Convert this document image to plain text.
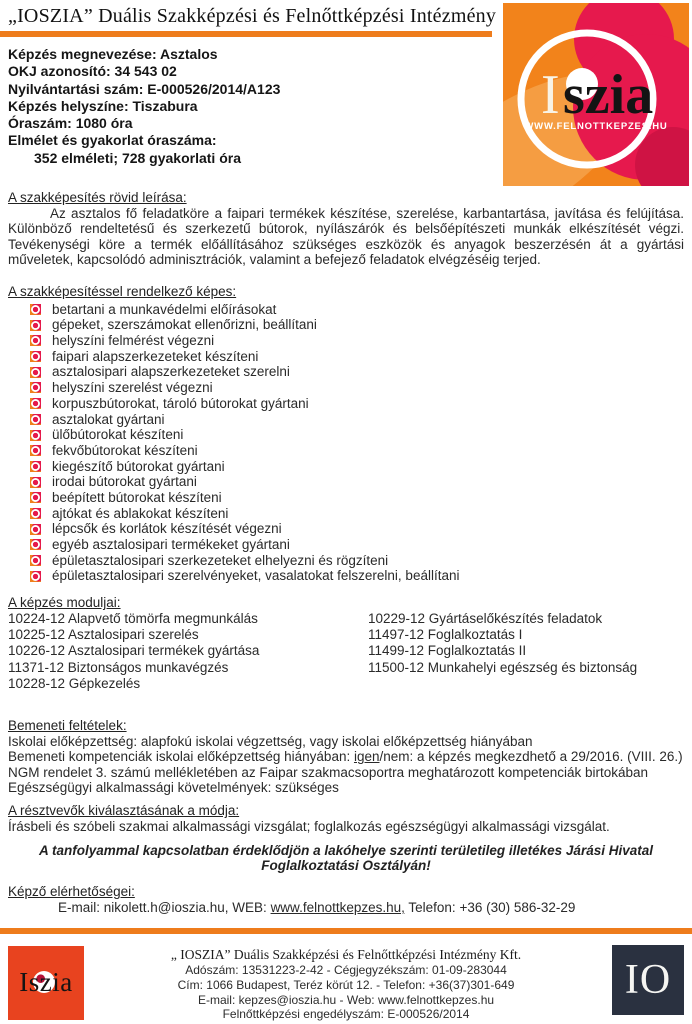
„IOSZIA” Duális Szakképzési és Felnőttképzési Intézmény
I szia
WWW.FELNOTTKEPZES.HU
Képzés megnevezése: Asztalos
OKJ azonosító: 34 543 02
Nyilvántartási szám: E-000526/2014/A123
Képzés helyszíne: Tiszabura
Óraszám: 1080 óra
Elmélet és gyakorlat óraszáma:
352 elméleti; 728 gyakorlati óra
A szakképesítés rövid leírása:
Az asztalos fő feladatköre a faipari termékek készítése, szerelése, karbantartása, javítása és felújítása. Különböző rendeltetésű és szerkezetű bútorok, nyílászárók és belsőépítészeti munkák elkészítését végzi. Tevékenységi köre a termék előállításához szükséges eszközök és anyagok beszerzésén át a gyártási műveletek, kapcsolódó adminisztrációk, valamint a befejező feladatok elvégzéséig terjed.
A szakképesítéssel rendelkező képes:
betartani a munkavédelmi előírásokat
gépeket, szerszámokat ellenőrizni, beállítani
helyszíni felmérést végezni
faipari alapszerkezeteket készíteni
asztalosipari alapszerkezeteket szerelni
helyszíni szerelést végezni
korpuszbútorokat, tároló bútorokat gyártani
asztalokat gyártani
ülőbútorokat készíteni
fekvőbútorokat készíteni
kiegészítő bútorokat gyártani
irodai bútorokat gyártani
beépített bútorokat készíteni
ajtókat és ablakokat készíteni
lépcsők és korlátok készítését végezni
egyéb asztalosipari termékeket gyártani
épületasztalosipari szerkezeteket elhelyezni és rögzíteni
épületasztalosipari szerelvényeket, vasalatokat felszerelni, beállítani
A képzés moduljai:
10224-12 Alapvető tömörfa megmunkálás
10225-12 Asztalosipari szerelés
10226-12 Asztalosipari termékek gyártása
11371-12 Biztonságos munkavégzés
10228-12 Gépkezelés
10229-12 Gyártáselőkészítés feladatok
11497-12 Foglalkoztatás I
11499-12 Foglalkoztatás II
11500-12 Munkahelyi egészség és biztonság
Bemeneti feltételek:
Iskolai előképzettség: alapfokú iskolai végzettség, vagy iskolai előképzettség hiányában
Bemeneti kompetenciák iskolai előképzettség hiányában: igen/nem: a képzés megkezdhető a 29/2016. (VIII. 26.)
NGM rendelet 3. számú mellékletében az Faipar szakmacsoportra meghatározott kompetenciák birtokában
Egészségügyi alkalmassági követelmények: szükséges
A résztvevők kiválasztásának a módja:
Írásbeli és szóbeli szakmai alkalmassági vizsgálat; foglalkozás egészségügyi alkalmassági vizsgálat.
A tanfolyammal kapcsolatban érdeklődjön a lakóhelye szerinti területileg illetékes Járási Hivatal Foglalkoztatási Osztályán!
Képző elérhetőségei:
E-mail: nikolett.h@ioszia.hu, WEB: www.felnottkepzes.hu, Telefon: +36 (30) 586-32-29
Iszia
„ IOSZIA” Duális Szakképzési és Felnőttképzési Intézmény Kft.
Adószám: 13531223-2-42 - Cégjegyzékszám: 01-09-283044
Cím: 1066 Budapest, Teréz körút 12. - Telefon: +36(37)301-649
E-mail: kepzes@ioszia.hu - Web: www.felnottkepzes.hu
Felnőttképzési engedélyszám: E-000526/2014
IO
